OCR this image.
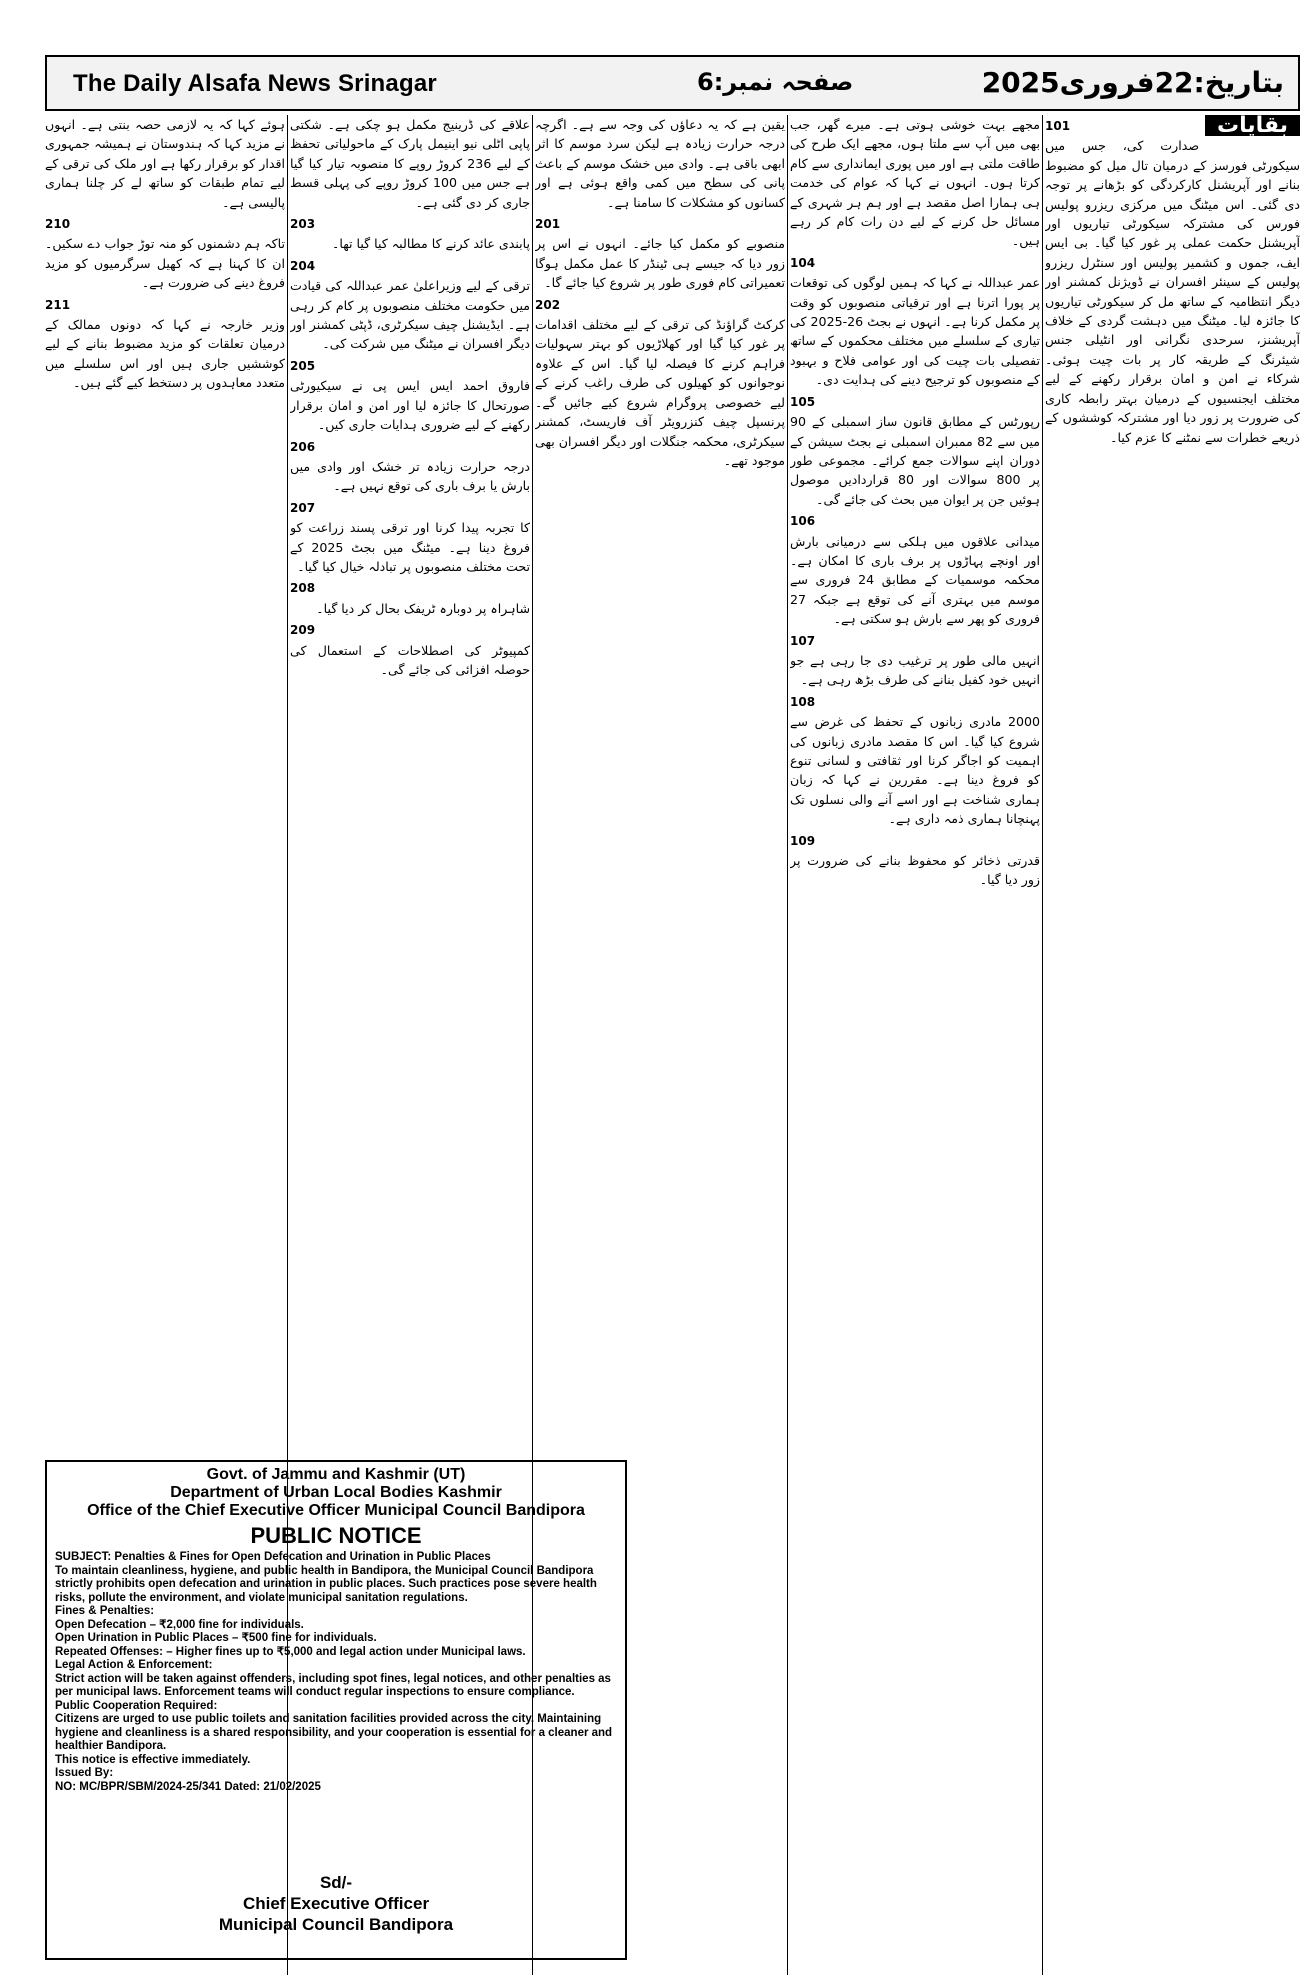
The Daily Alsafa News Srinagar	صفحہ نمبر:6	بتاریخ:22فروری2025
بقایات
101

صدارت کی، جس میں سیکورٹی فورسز کے درمیان تال میل کو مضبوط بنانے اور آپریشنل کارکردگی کو بڑھانے پر توجہ دی گئی۔ اس میٹنگ میں مرکزی ریزرو پولیس فورس کی مشترکہ سیکورٹی تیاریوں اور آپریشنل حکمت عملی پر غور کیا گیا۔ بی ایس ایف، جموں و کشمیر پولیس اور سنٹرل ریزرو پولیس کے سینئر افسران نے ڈویژنل کمشنر اور دیگر انتظامیہ کے ساتھ مل کر سیکورٹی تیاریوں کا جائزہ لیا۔ میٹنگ میں دہشت گردی کے خلاف آپریشنز، سرحدی نگرانی اور انٹیلی جنس شیئرنگ کے طریقہ کار پر بات چیت ہوئی۔ شرکاء نے امن و امان برقرار رکھنے کے لیے مختلف ایجنسیوں کے درمیان بہتر رابطہ کاری کی ضرورت پر زور دیا اور مشترکہ کوششوں کے ذریعے خطرات سے نمٹنے کا عزم کیا۔

مجھے بہت خوشی ہوتی ہے۔ میرے گھر، جب بھی میں آپ سے ملتا ہوں، مجھے ایک طرح کی طاقت ملتی ہے اور میں پوری ایمانداری سے کام کرتا ہوں۔ انہوں نے کہا کہ عوام کی خدمت ہی ہمارا اصل مقصد ہے اور ہم ہر شہری کے مسائل حل کرنے کے لیے دن رات کام کر رہے ہیں۔

104

عمر عبداللہ نے کہا کہ ہمیں لوگوں کی توقعات پر پورا اترنا ہے اور ترقیاتی منصوبوں کو وقت پر مکمل کرنا ہے۔ انہوں نے بجٹ 26-2025 کی تیاری کے سلسلے میں مختلف محکموں کے ساتھ تفصیلی بات چیت کی اور عوامی فلاح و بہبود کے منصوبوں کو ترجیح دینے کی ہدایت دی۔

105

رپورٹس کے مطابق قانون ساز اسمبلی کے 90 میں سے 82 ممبران اسمبلی نے بجٹ سیشن کے دوران اپنے سوالات جمع کرائے۔ مجموعی طور پر 800 سوالات اور 80 قراردادیں موصول ہوئیں جن پر ایوان میں بحث کی جائے گی۔

106

میدانی علاقوں میں ہلکی سے درمیانی بارش اور اونچے پہاڑوں پر برف باری کا امکان ہے۔ محکمہ موسمیات کے مطابق 24 فروری سے موسم میں بہتری آنے کی توقع ہے جبکہ 27 فروری کو پھر سے بارش ہو سکتی ہے۔

107

انہیں مالی طور پر ترغیب دی جا رہی ہے جو انہیں خود کفیل بنانے کی طرف بڑھ رہی ہے۔

108

2000 مادری زبانوں کے تحفظ کی غرض سے شروع کیا گیا۔ اس کا مقصد مادری زبانوں کی اہمیت کو اجاگر کرنا اور ثقافتی و لسانی تنوع کو فروغ دینا ہے۔ مقررین نے کہا کہ زبان ہماری شناخت ہے اور اسے آنے والی نسلوں تک پہنچانا ہماری ذمہ داری ہے۔

109

قدرتی ذخائر کو محفوظ بنانے کی ضرورت پر زور دیا گیا۔

یقین ہے کہ یہ دعاؤں کی وجہ سے ہے۔ اگرچہ درجہ حرارت زیادہ ہے لیکن سرد موسم کا اثر ابھی باقی ہے۔ وادی میں خشک موسم کے باعث پانی کی سطح میں کمی واقع ہوئی ہے اور کسانوں کو مشکلات کا سامنا ہے۔

201

منصوبے کو مکمل کیا جائے۔ انہوں نے اس پر زور دیا کہ جیسے ہی ٹینڈر کا عمل مکمل ہوگا تعمیراتی کام فوری طور پر شروع کیا جائے گا۔

202

کرکٹ گراؤنڈ کی ترقی کے لیے مختلف اقدامات پر غور کیا گیا اور کھلاڑیوں کو بہتر سہولیات فراہم کرنے کا فیصلہ لیا گیا۔ اس کے علاوہ نوجوانوں کو کھیلوں کی طرف راغب کرنے کے لیے خصوصی پروگرام شروع کیے جائیں گے۔ پرنسپل چیف کنزرویٹر آف فاریسٹ، کمشنر سیکرٹری، محکمہ جنگلات اور دیگر افسران بھی موجود تھے۔

علاقے کی ڈرینیج مکمل ہو چکی ہے۔ شکتی پاپی اٹلی نیو اینیمل پارک کے ماحولیاتی تحفظ کے لیے 236 کروڑ روپے کا منصوبہ تیار کیا گیا ہے جس میں 100 کروڑ روپے کی پہلی قسط جاری کر دی گئی ہے۔

203

پابندی عائد کرنے کا مطالبہ کیا گیا تھا۔

204

ترقی کے لیے وزیراعلیٰ عمر عبداللہ کی قیادت میں حکومت مختلف منصوبوں پر کام کر رہی ہے۔ ایڈیشنل چیف سیکرٹری، ڈپٹی کمشنر اور دیگر افسران نے میٹنگ میں شرکت کی۔

205

فاروق احمد ایس ایس پی نے سیکیورٹی صورتحال کا جائزہ لیا اور امن و امان برقرار رکھنے کے لیے ضروری ہدایات جاری کیں۔

206

درجہ حرارت زیادہ تر خشک اور وادی میں بارش یا برف باری کی توقع نہیں ہے۔

207

کا تجربہ پیدا کرنا اور ترقی پسند زراعت کو فروغ دینا ہے۔ میٹنگ میں بجٹ 2025 کے تحت مختلف منصوبوں پر تبادلہ خیال کیا گیا۔

208

شاہراہ پر دوبارہ ٹریفک بحال کر دیا گیا۔

209

کمپیوٹر کی اصطلاحات کے استعمال کی حوصلہ افزائی کی جائے گی۔

ہوئے کہا کہ یہ لازمی حصہ بنتی ہے۔ انہوں نے مزید کہا کہ ہندوستان نے ہمیشہ جمہوری اقدار کو برقرار رکھا ہے اور ملک کی ترقی کے لیے تمام طبقات کو ساتھ لے کر چلنا ہماری پالیسی ہے۔

210

تاکہ ہم دشمنوں کو منہ توڑ جواب دے سکیں۔ ان کا کہنا ہے کہ کھیل سرگرمیوں کو مزید فروغ دینے کی ضرورت ہے۔

211

وزیر خارجہ نے کہا کہ دونوں ممالک کے درمیان تعلقات کو مزید مضبوط بنانے کے لیے کوششیں جاری ہیں اور اس سلسلے میں متعدد معاہدوں پر دستخط کیے گئے ہیں۔

Govt. of Jammu and Kashmir (UT)
Department of Urban Local Bodies Kashmir
Office of the Chief Executive Officer Municipal Council Bandipora
PUBLIC NOTICE
SUBJECT: Penalties & Fines for Open Defecation and Urination in Public Places
To maintain cleanliness, hygiene, and public health in Bandipora, the Municipal Council Bandipora strictly prohibits open defecation and urination in public places. Such practices pose severe health risks, pollute the environment, and violate municipal sanitation regulations.
Fines & Penalties:
Open Defecation – ₹2,000 fine for individuals.
Open Urination in Public Places – ₹500 fine for individuals.
Repeated Offenses: – Higher fines up to ₹5,000 and legal action under Municipal laws.
Legal Action & Enforcement:
Strict action will be taken against offenders, including spot fines, legal notices, and other penalties as per municipal laws. Enforcement teams will conduct regular inspections to ensure compliance.
Public Cooperation Required:
Citizens are urged to use public toilets and sanitation facilities provided across the city. Maintaining hygiene and cleanliness is a shared responsibility, and your cooperation is essential for a cleaner and healthier Bandipora.
This notice is effective immediately.
Issued By:
NO: MC/BPR/SBM/2024-25/341 Dated: 21/02/2025
Sd/-
Chief Executive Officer
Municipal Council Bandipora
